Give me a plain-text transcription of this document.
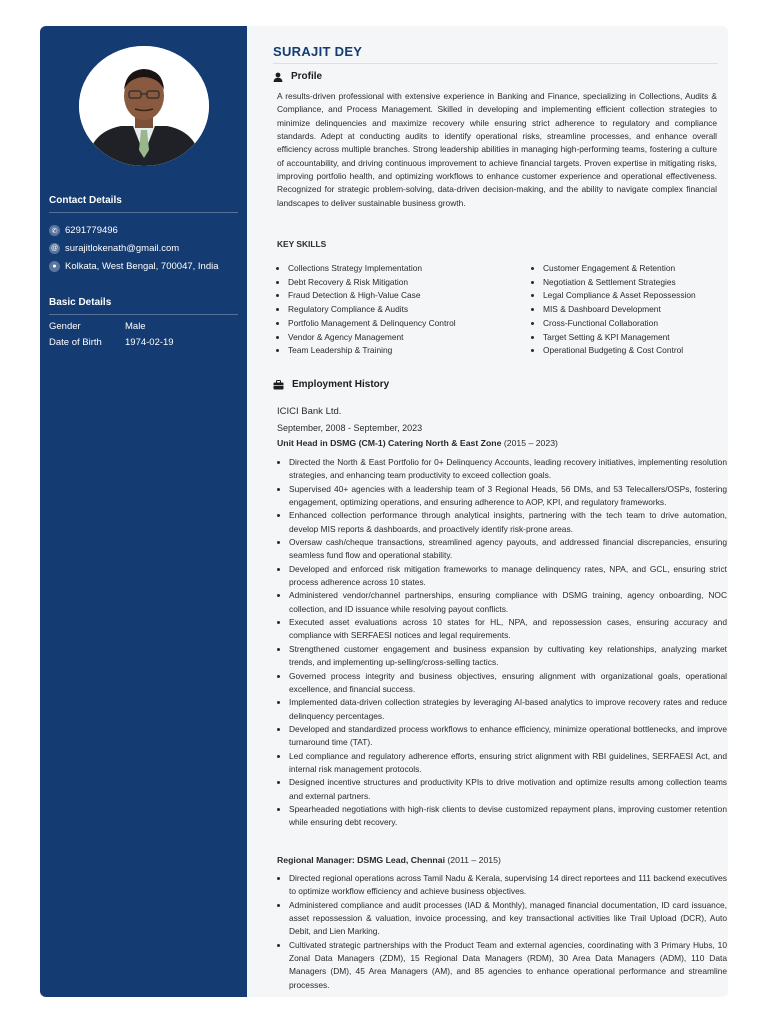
Contact Details
✆ 6291779496
@ surajitlokenath@gmail.com
● Kolkata, West Bengal, 700047, India
Basic Details
Gender	Male
Date of Birth 1974-02-19
SURAJIT DEY
Profile
A results-driven professional with extensive experience in Banking and Finance, specializing in Collections, Audits & Compliance, and Process Management. Skilled in developing and implementing efficient collection strategies to minimize delinquencies and maximize recovery while ensuring strict adherence to regulatory and compliance standards. Adept at conducting audits to identify operational risks, streamline processes, and enhance overall efficiency across multiple branches. Strong leadership abilities in managing high-performing teams, fostering a culture of accountability, and driving continuous improvement to achieve financial targets. Proven expertise in mitigating risks, improving portfolio health, and optimizing workflows to enhance customer experience and operational effectiveness. Recognized for strategic problem-solving, data-driven decision-making, and the ability to navigate complex financial landscapes to deliver sustainable business growth.
KEY SKILLS
• Collections Strategy Implementation
• Debt Recovery & Risk Mitigation
• Fraud Detection & High-Value Case
• Regulatory Compliance & Audits
• Portfolio Management & Delinquency Control
• Vendor & Agency Management
• Team Leadership & Training
• Customer Engagement & Retention
• Negotiation & Settlement Strategies
• Legal Compliance & Asset Repossession
• MIS & Dashboard Development
• Cross-Functional Collaboration
• Target Setting & KPI Management
• Operational Budgeting & Cost Control
Employment History
ICICI Bank Ltd.
September, 2008 - September, 2023
Unit Head in DSMG (CM-1) Catering North & East Zone (2015 – 2023)
• Directed the North & East Portfolio for 0+ Delinquency Accounts, leading recovery initiatives, implementing resolution strategies, and enhancing team productivity to exceed collection goals.
• Supervised 40+ agencies with a leadership team of 3 Regional Heads, 56 DMs, and 53 Telecallers/OSPs, fostering engagement, optimizing operations, and ensuring adherence to AOP, KPI, and regulatory frameworks.
• Enhanced collection performance through analytical insights, partnering with the tech team to drive automation, develop MIS reports & dashboards, and proactively identify risk-prone areas.
• Oversaw cash/cheque transactions, streamlined agency payouts, and addressed financial discrepancies, ensuring seamless fund flow and operational stability.
• Developed and enforced risk mitigation frameworks to manage delinquency rates, NPA, and GCL, ensuring strict process adherence across 10 states.
• Administered vendor/channel partnerships, ensuring compliance with DSMG training, agency onboarding, NOC collection, and ID issuance while resolving payout conflicts.
• Executed asset evaluations across 10 states for HL, NPA, and repossession cases, ensuring accuracy and compliance with SERFAESI notices and legal requirements.
• Strengthened customer engagement and business expansion by cultivating key relationships, analyzing market trends, and implementing up-selling/cross-selling tactics.
• Governed process integrity and business objectives, ensuring alignment with organizational goals, operational excellence, and financial success.
• Implemented data-driven collection strategies by leveraging AI-based analytics to improve recovery rates and reduce delinquency percentages.
• Developed and standardized process workflows to enhance efficiency, minimize operational bottlenecks, and improve turnaround time (TAT).
• Led compliance and regulatory adherence efforts, ensuring strict alignment with RBI guidelines, SERFAESI Act, and internal risk management protocols.
• Designed incentive structures and productivity KPIs to drive motivation and optimize results among collection teams and external partners.
• Spearheaded negotiations with high-risk clients to devise customized repayment plans, improving customer retention while ensuring debt recovery.
Regional Manager: DSMG Lead, Chennai (2011 – 2015)
• Directed regional operations across Tamil Nadu & Kerala, supervising 14 direct reportees and 111 backend executives to optimize workflow efficiency and achieve business objectives.
• Administered compliance and audit processes (IAD & Monthly), managed financial documentation, ID card issuance, asset repossession & valuation, invoice processing, and key transactional activities like Trail Upload (DCR), Auto Debit, and Lien Marking.
• Cultivated strategic partnerships with the Product Team and external agencies, coordinating with 3 Primary Hubs, 10 Zonal Data Managers (ZDM), 15 Regional Data Managers (RDM), 30 Area Data Managers (ADM), 110 Data Managers (DM), 45 Area Managers (AM), and 85 agencies to enhance operational performance and streamline processes.
